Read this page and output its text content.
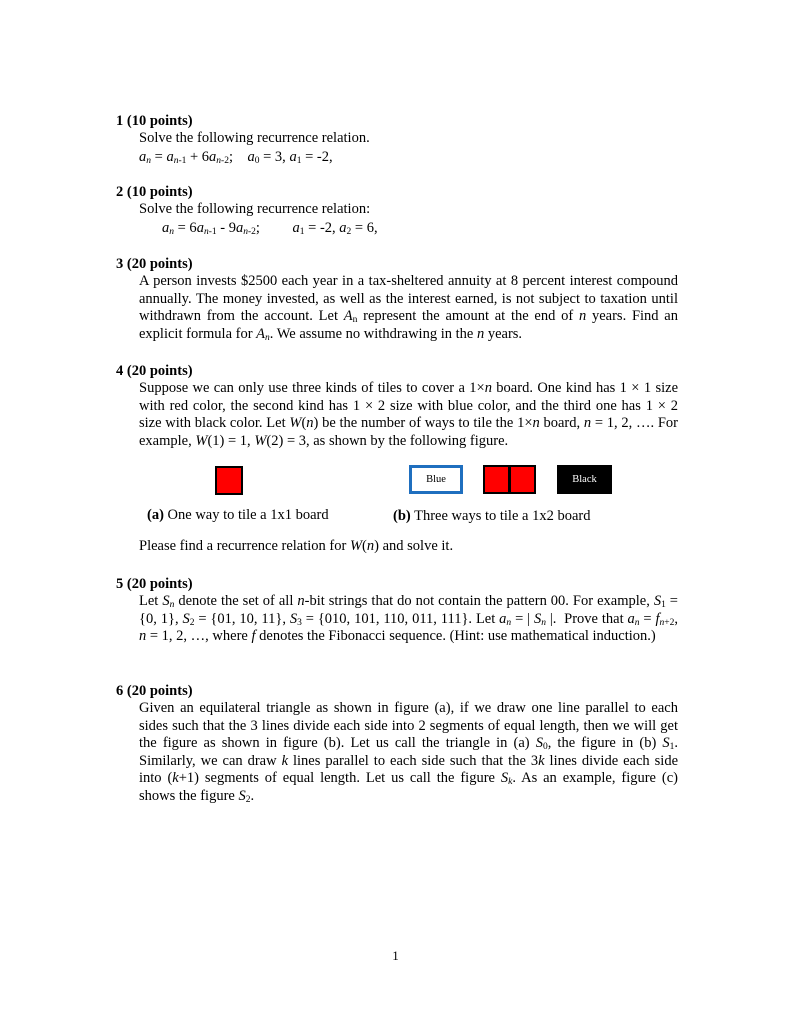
1 (10 points)
Solve the following recurrence relation.
$a_n = a_{n-1} + 6a_{n-2}$;    $a_0 = 3$, $a_1 = -2$,
2 (10 points)
Solve the following recurrence relation:
$a_n = 6a_{n-1} - 9a_{n-2}$;         $a_1 = -2$, $a_2 = 6$,
3 (20 points)
A person invests $2500 each year in a tax-sheltered annuity at 8 percent interest compound annually. The money invested, as well as the interest earned, is not subject to taxation until withdrawn from the account. Let $A_n$ represent the amount at the end of n years. Find an explicit formula for $A_n$. We assume no withdrawing in the n years.
4 (20 points)
Suppose we can only use three kinds of tiles to cover a 1×n board. One kind has 1 × 1 size with red color, the second kind has 1 × 2 size with blue color, and the third one has 1 × 2 size with black color. Let W(n) be the number of ways to tile the 1×n board, n = 1, 2, …. For example, W(1) = 1, W(2) = 3, as shown by the following figure.
Blue	Black
(a) One way to tile a 1x1 board	(b) Three ways to tile a 1x2 board
Please find a recurrence relation for W(n) and solve it.
5 (20 points)
Let $S_n$ denote the set of all n-bit strings that do not contain the pattern 00. For example, $S_1 = \{0$, 1}, $S_2 = \{01$, 10, 11}, $S_3 = \{010$, 101, 110, 011, 111}. Let $a_n$ = | $S_n$ |.  Prove that $a_n = f_{n+2}$, n = 1, 2, …, where f denotes the Fibonacci sequence. (Hint: use mathematical induction.)
6 (20 points)
Given an equilateral triangle as shown in figure (a), if we draw one line parallel to each sides such that the 3 lines divide each side into 2 segments of equal length, then we will get the figure as shown in figure (b). Let us call the triangle in (a) $S_0$, the figure in (b) $S_1$. Similarly, we can draw k lines parallel to each side such that the 3k lines divide each side into (k+1) segments of equal length. Let us call the figure $S_k$. As an example, figure (c) shows the figure $S_2$.
1
